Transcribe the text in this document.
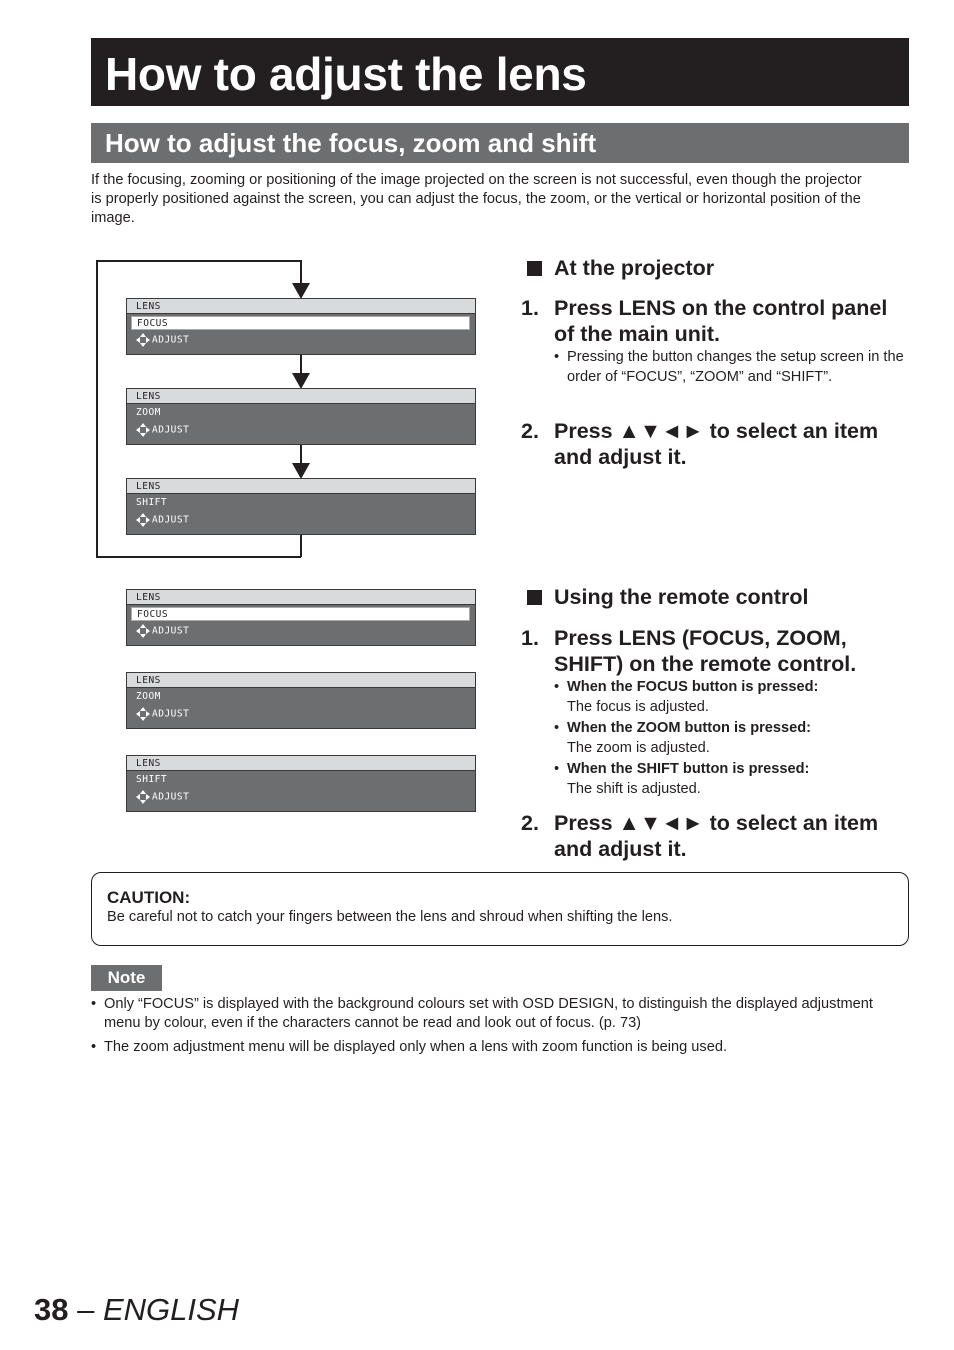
How to adjust the lens
How to adjust the focus, zoom and shift

If the focusing, zooming or positioning of the image projected on the screen is not successful, even though the projector is properly positioned against the screen, you can adjust the focus, the zoom, or the vertical or horizontal position of the image.

LENS
FOCUS
ADJUST
LENS
ZOOM
ADJUST
LENS
SHIFT
ADJUST
LENS
FOCUS
ADJUST
LENS
ZOOM
ADJUST
LENS
SHIFT
ADJUST
At the projector
1. Press LENS on the control panel of the main unit.
• Pressing the button changes the setup screen in the order of “FOCUS”, “ZOOM” and “SHIFT”.
2. Press ▲▼◄► to select an item and adjust it.
Using the remote control
1. Press LENS (FOCUS, ZOOM, SHIFT) on the remote control.
• When the FOCUS button is pressed:
The focus is adjusted.
• When the ZOOM button is pressed:
The zoom is adjusted.
• When the SHIFT button is pressed:
The shift is adjusted.
2. Press ▲▼◄► to select an item and adjust it.
CAUTION:
Be careful not to catch your fingers between the lens and shroud when shifting the lens.
Note
• Only “FOCUS” is displayed with the background colours set with OSD DESIGN, to distinguish the displayed adjustment menu by colour, even if the characters cannot be read and look out of focus. (p. 73)
• The zoom adjustment menu will be displayed only when a lens with zoom function is being used.
38 – ENGLISH
